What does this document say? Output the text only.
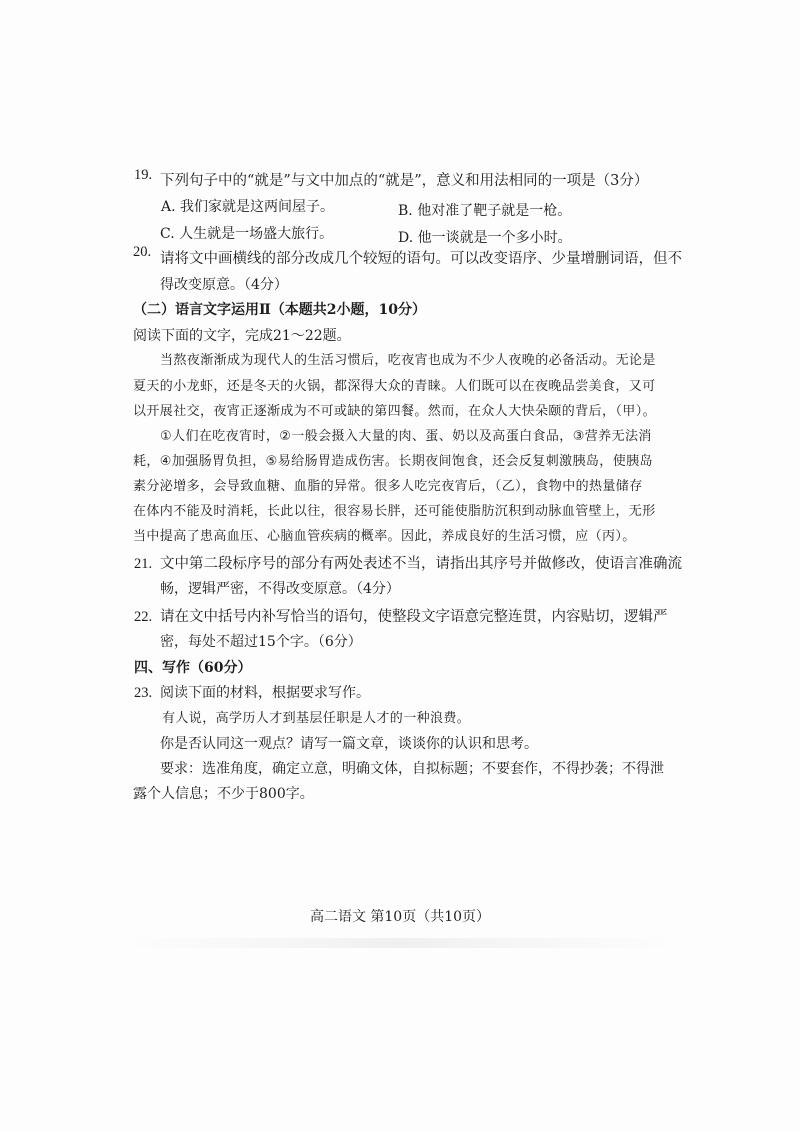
19. 下列句子中的“就是”与文中加点的“就是”，意义和用法相同的一项是（3分）
A. 我们家就是这两间屋子。	B. 他对准了靶子就是一枪。
C. 人生就是一场盛大旅行。	D. 他一谈就是一个多小时。
20. 请将文中画横线的部分改成几个较短的语句。可以改变语序、少量增删词语，但不
得改变原意。（4分）
（二）语言文字运用Ⅱ（本题共2小题，10分）
阅读下面的文字，完成21～22题。
当熬夜渐渐成为现代人的生活习惯后，吃夜宵也成为不少人夜晚的必备活动。无论是
夏天的小龙虾，还是冬天的火锅，都深得大众的青睐。人们既可以在夜晚品尝美食，又可
以开展社交，夜宵正逐渐成为不可或缺的第四餐。然而，在众人大快朵颐的背后，（甲）。
①人们在吃夜宵时，②一般会摄入大量的肉、蛋、奶以及高蛋白食品，③营养无法消
耗，④加强肠胃负担，⑤易给肠胃造成伤害。长期夜间饱食，还会反复刺激胰岛，使胰岛
素分泌增多，会导致血糖、血脂的异常。很多人吃完夜宵后，（乙），食物中的热量储存
在体内不能及时消耗，长此以往，很容易长胖，还可能使脂肪沉积到动脉血管壁上，无形
当中提高了患高血压、心脑血管疾病的概率。因此，养成良好的生活习惯，应（丙）。
21. 文中第二段标序号的部分有两处表述不当，请指出其序号并做修改，使语言准确流
畅，逻辑严密，不得改变原意。（4分）
22. 请在文中括号内补写恰当的语句，使整段文字语意完整连贯，内容贴切，逻辑严
密，每处不超过15个字。（6分）
四、写作（60分）
23. 阅读下面的材料，根据要求写作。
有人说，高学历人才到基层任职是人才的一种浪费。
你是否认同这一观点？请写一篇文章，谈谈你的认识和思考。
要求：选准角度，确定立意，明确文体，自拟标题；不要套作，不得抄袭；不得泄
露个人信息；不少于800字。
高二语文 第10页（共10页）
